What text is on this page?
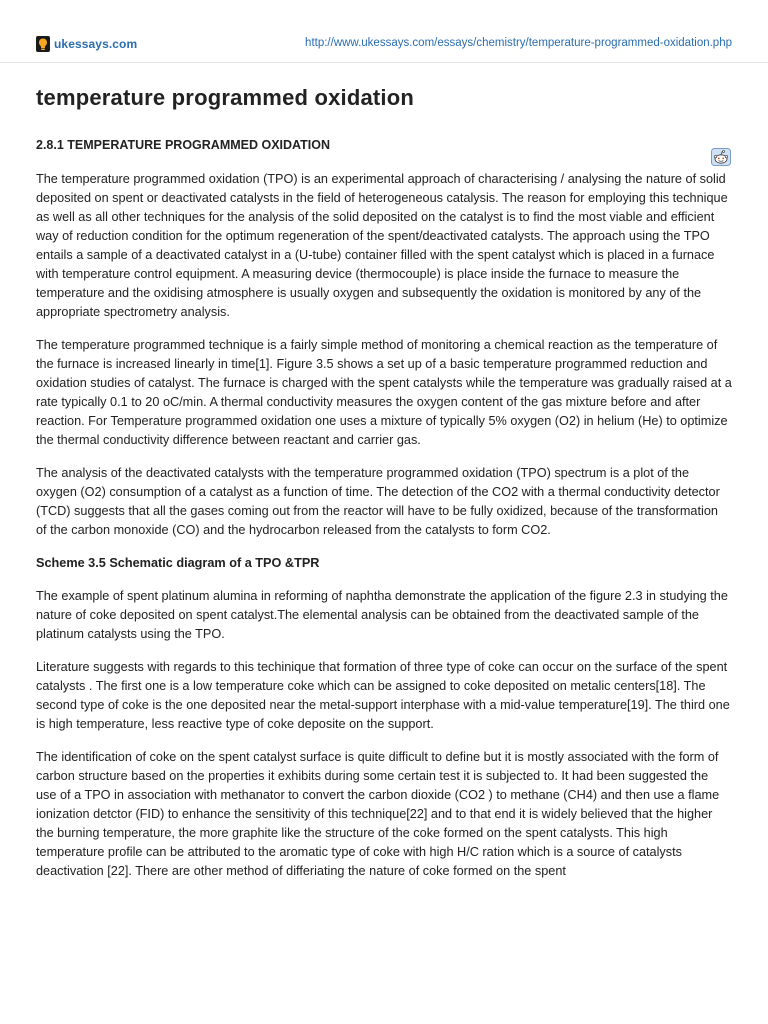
ukessays.com	http://www.ukessays.com/essays/chemistry/temperature-programmed-oxidation.php
temperature programmed oxidation
2.8.1 TEMPERATURE PROGRAMMED OXIDATION

The temperature programmed oxidation (TPO) is an experimental approach of characterising / analysing the nature of solid deposited on spent or deactivated catalysts in the field of heterogeneous catalysis. The reason for employing this technique as well as all other techniques for the analysis of the solid deposited on the catalyst is to find the most viable and efficient way of reduction condition for the optimum regeneration of the spent/deactivated catalysts. The approach using the TPO entails a sample of a deactivated catalyst in a (U-tube) container filled with the spent catalyst which is placed in a furnace with temperature control equipment. A measuring device (thermocouple) is place inside the furnace to measure the temperature and the oxidising atmosphere is usually oxygen and subsequently the oxidation is monitored by any of the appropriate spectrometry analysis.

The temperature programmed technique is a fairly simple method of monitoring a chemical reaction as the temperature of the furnace is increased linearly in time[1]. Figure 3.5 shows a set up of a basic temperature programmed reduction and oxidation studies of catalyst. The furnace is charged with the spent catalysts while the temperature was gradually raised at a rate typically 0.1 to 20 oC/min. A thermal conductivity measures the oxygen content of the gas mixture before and after reaction. For Temperature programmed oxidation one uses a mixture of typically 5% oxygen (O2) in helium (He) to optimize the thermal conductivity difference between reactant and carrier gas.

The analysis of the deactivated catalysts with the temperature programmed oxidation (TPO) spectrum is a plot of the oxygen (O2) consumption of a catalyst as a function of time. The detection of the CO2 with a thermal conductivity detector (TCD) suggests that all the gases coming out from the reactor will have to be fully oxidized, because of the transformation of the carbon monoxide (CO) and the hydrocarbon released from the catalysts to form CO2.

Scheme 3.5 Schematic diagram of a TPO &TPR

The example of spent platinum alumina in reforming of naphtha demonstrate the application of the figure 2.3 in studying the nature of coke deposited on spent catalyst.The elemental analysis can be obtained from the deactivated sample of the platinum catalysts using the TPO.

Literature suggests with regards to this techinique that formation of three type of coke can occur on the surface of the spent catalysts . The first one is a low temperature coke which can be assigned to coke deposited on metalic centers[18]. The second type of coke is the one deposited near the metal-support interphase with a mid-value temperature[19]. The third one is high temperature, less reactive type of coke deposite on the support.

The identification of coke on the spent catalyst surface is quite difficult to define but it is mostly associated with the form of carbon structure based on the properties it exhibits during some certain test it is subjected to. It had been suggested the use of a TPO in association with methanator to convert the carbon dioxide (CO2 ) to methane (CH4) and then use a flame ionization detctor (FID) to enhance the sensitivity of this technique[22] and to that end it is widely believed that the higher the burning temperature, the more graphite like the structure of the coke formed on the spent catalysts. This high temperature profile can be attributed to the aromatic type of coke with high H/C ration which is a source of catalysts deactivation [22]. There are other method of differiating the nature of coke formed on the spent
